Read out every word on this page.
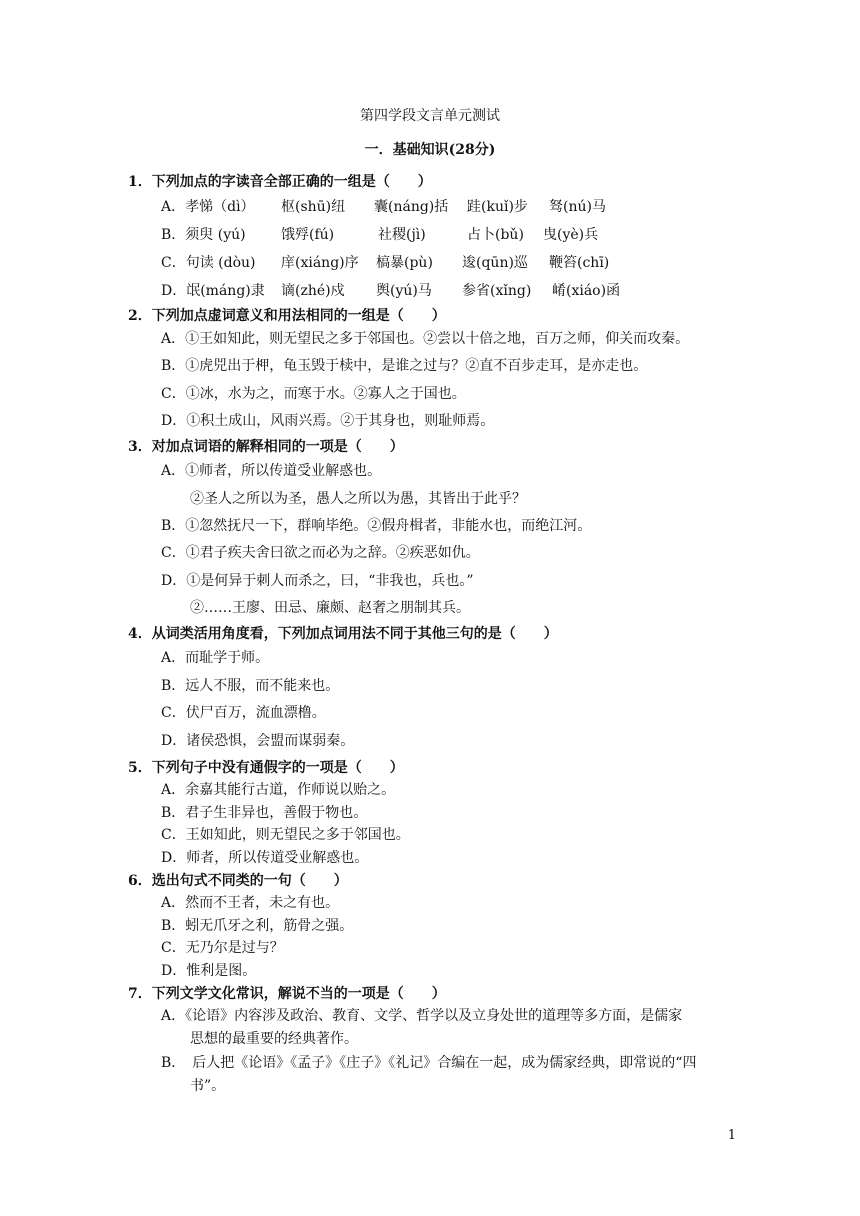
第四学段文言单元测试
一．基础知识(28分)
1．下列加点的字读音全部正确的一组是（　　）
A．孝悌（dì） 枢(shū)纽 囊(náng)括 跬(kuǐ)步 驽(nú)马
B．须臾 (yú)	饿殍(fú)	社稷(jì)	占卜(bǔ) 曳(yè)兵
C．句读 (dòu) 庠(xiáng)序 槁暴(pù) 逡(qūn)巡 鞭笞(chī)
D．氓(máng)隶 谪(zhé)戍 舆(yú)马 参省(xǐng) 崤(xiáo)函
2．下列加点虚词意义和用法相同的一组是（　　）
A．①王如知此，则无望民之多于邻国也。②尝以十倍之地，百万之师，仰关而攻秦。
B．①虎兕出于柙，龟玉毁于椟中，是谁之过与？②直不百步走耳，是亦走也。
C．①冰，水为之，而寒于水。②寡人之于国也。
D．①积土成山，风雨兴焉。②于其身也，则耻师焉。
3．对加点词语的解释相同的一项是（　　）
A．①师者，所以传道受业解惑也。
②圣人之所以为圣，愚人之所以为愚，其皆出于此乎？
B．①忽然抚尺一下，群响毕绝。②假舟楫者，非能水也，而绝江河。
C．①君子疾夫舍曰欲之而必为之辞。②疾恶如仇。
D．①是何异于刺人而杀之，曰，“非我也，兵也。”
②……王廖、田忌、廉颇、赵奢之朋制其兵。
4．从词类活用角度看，下列加点词用法不同于其他三句的是（　　）
A．而耻学于师。
B．远人不服，而不能来也。
C．伏尸百万，流血漂橹。
D．诸侯恐惧，会盟而谋弱秦。
5．下列句子中没有通假字的一项是（　　）
A．余嘉其能行古道，作师说以贻之。
B．君子生非异也，善假于物也。
C．王如知此，则无望民之多于邻国也。
D．师者，所以传道受业解惑也。
6．选出句式不同类的一句（　　）
A．然而不王者，未之有也。
B．蚓无爪牙之利，筋骨之强。
C．无乃尔是过与？
D．惟利是图。
7．下列文学文化常识，解说不当的一项是（　　）
A．《论语》内容涉及政治、教育、文学、哲学以及立身处世的道理等多方面，是儒家
思想的最重要的经典著作。
B．　后人把《论语》《孟子》《庄子》《礼记》合编在一起，成为儒家经典，即常说的“四
书”。
1
